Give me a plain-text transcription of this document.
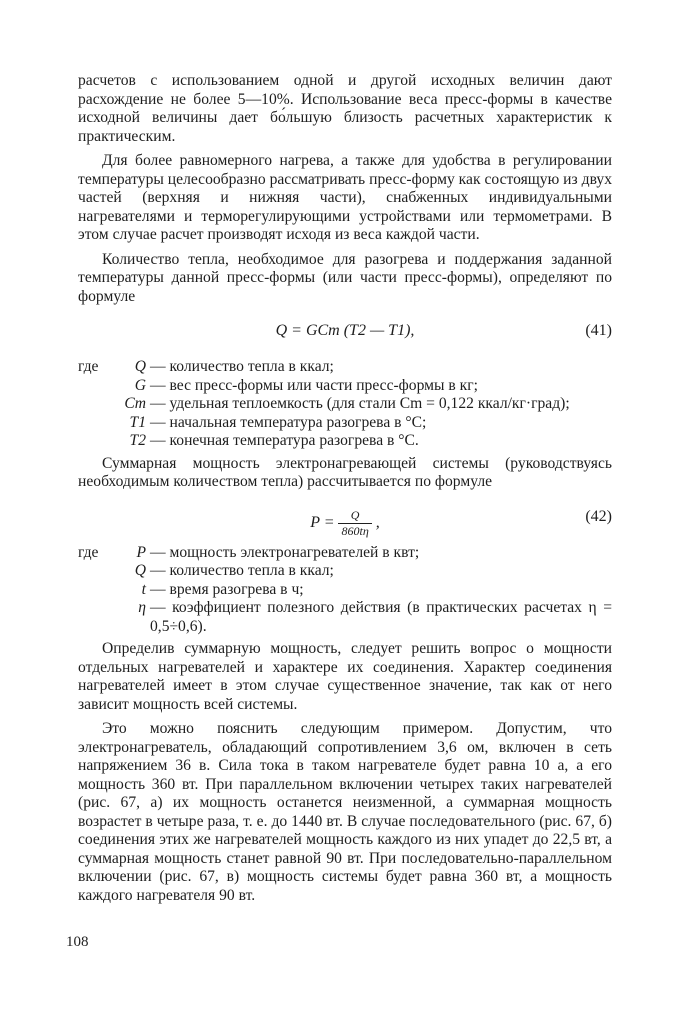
расчетов с использованием одной и другой исходных величин дают расхождение не более 5—10%. Использование веса пресс-формы в качестве исходной величины дает бо́льшую близость расчетных характеристик к практическим.

Для более равномерного нагрева, а также для удобства в регулировании температуры целесообразно рассматривать пресс-форму как состоящую из двух частей (верхняя и нижняя части), снабженных индивидуальными нагревателями и терморегулирующими устройствами или термометрами. В этом случае расчет производят исходя из веса каждой части.

Количество тепла, необходимое для разогрева и поддержания заданной температуры данной пресс-формы (или части пресс-формы), определяют по формуле

Q = GCm (T2 — T1),	(41)
где	Q	— количество тепла в ккал;
	G	— вес пресс-формы или части пресс-формы в кг;
	Cm	— удельная теплоемкость (для стали Cm = 0,122 ккал/кг·град);
	T1	— начальная температура разогрева в °С;
	T2	— конечная температура разогрева в °С.

Суммарная мощность электронагревающей системы (руководствуясь необходимым количеством тепла) рассчитывается по формуле

$P = \frac{Q}{860t\eta}$ ,	(42)
где	P	— мощность электронагревателей в квт;
	Q	— количество тепла в ккал;
	t	— время разогрева в ч;
	η	— коэффициент полезного действия (в практических расчетах η = 0,5÷0,6).

Определив суммарную мощность, следует решить вопрос о мощности отдельных нагревателей и характере их соединения. Характер соединения нагревателей имеет в этом случае существенное значение, так как от него зависит мощность всей системы.

Это можно пояснить следующим примером. Допустим, что электронагреватель, обладающий сопротивлением 3,6 ом, включен в сеть напряжением 36 в. Сила тока в таком нагревателе будет равна 10 а, а его мощность 360 вт. При параллельном включении четырех таких нагревателей (рис. 67, а) их мощность останется неизменной, а суммарная мощность возрастет в четыре раза, т. е. до 1440 вт. В случае последовательного (рис. 67, б) соединения этих же нагревателей мощность каждого из них упадет до 22,5 вт, а суммарная мощность станет равной 90 вт. При последовательно-параллельном включении (рис. 67, в) мощность системы будет равна 360 вт, а мощность каждого нагревателя 90 вт.

108
